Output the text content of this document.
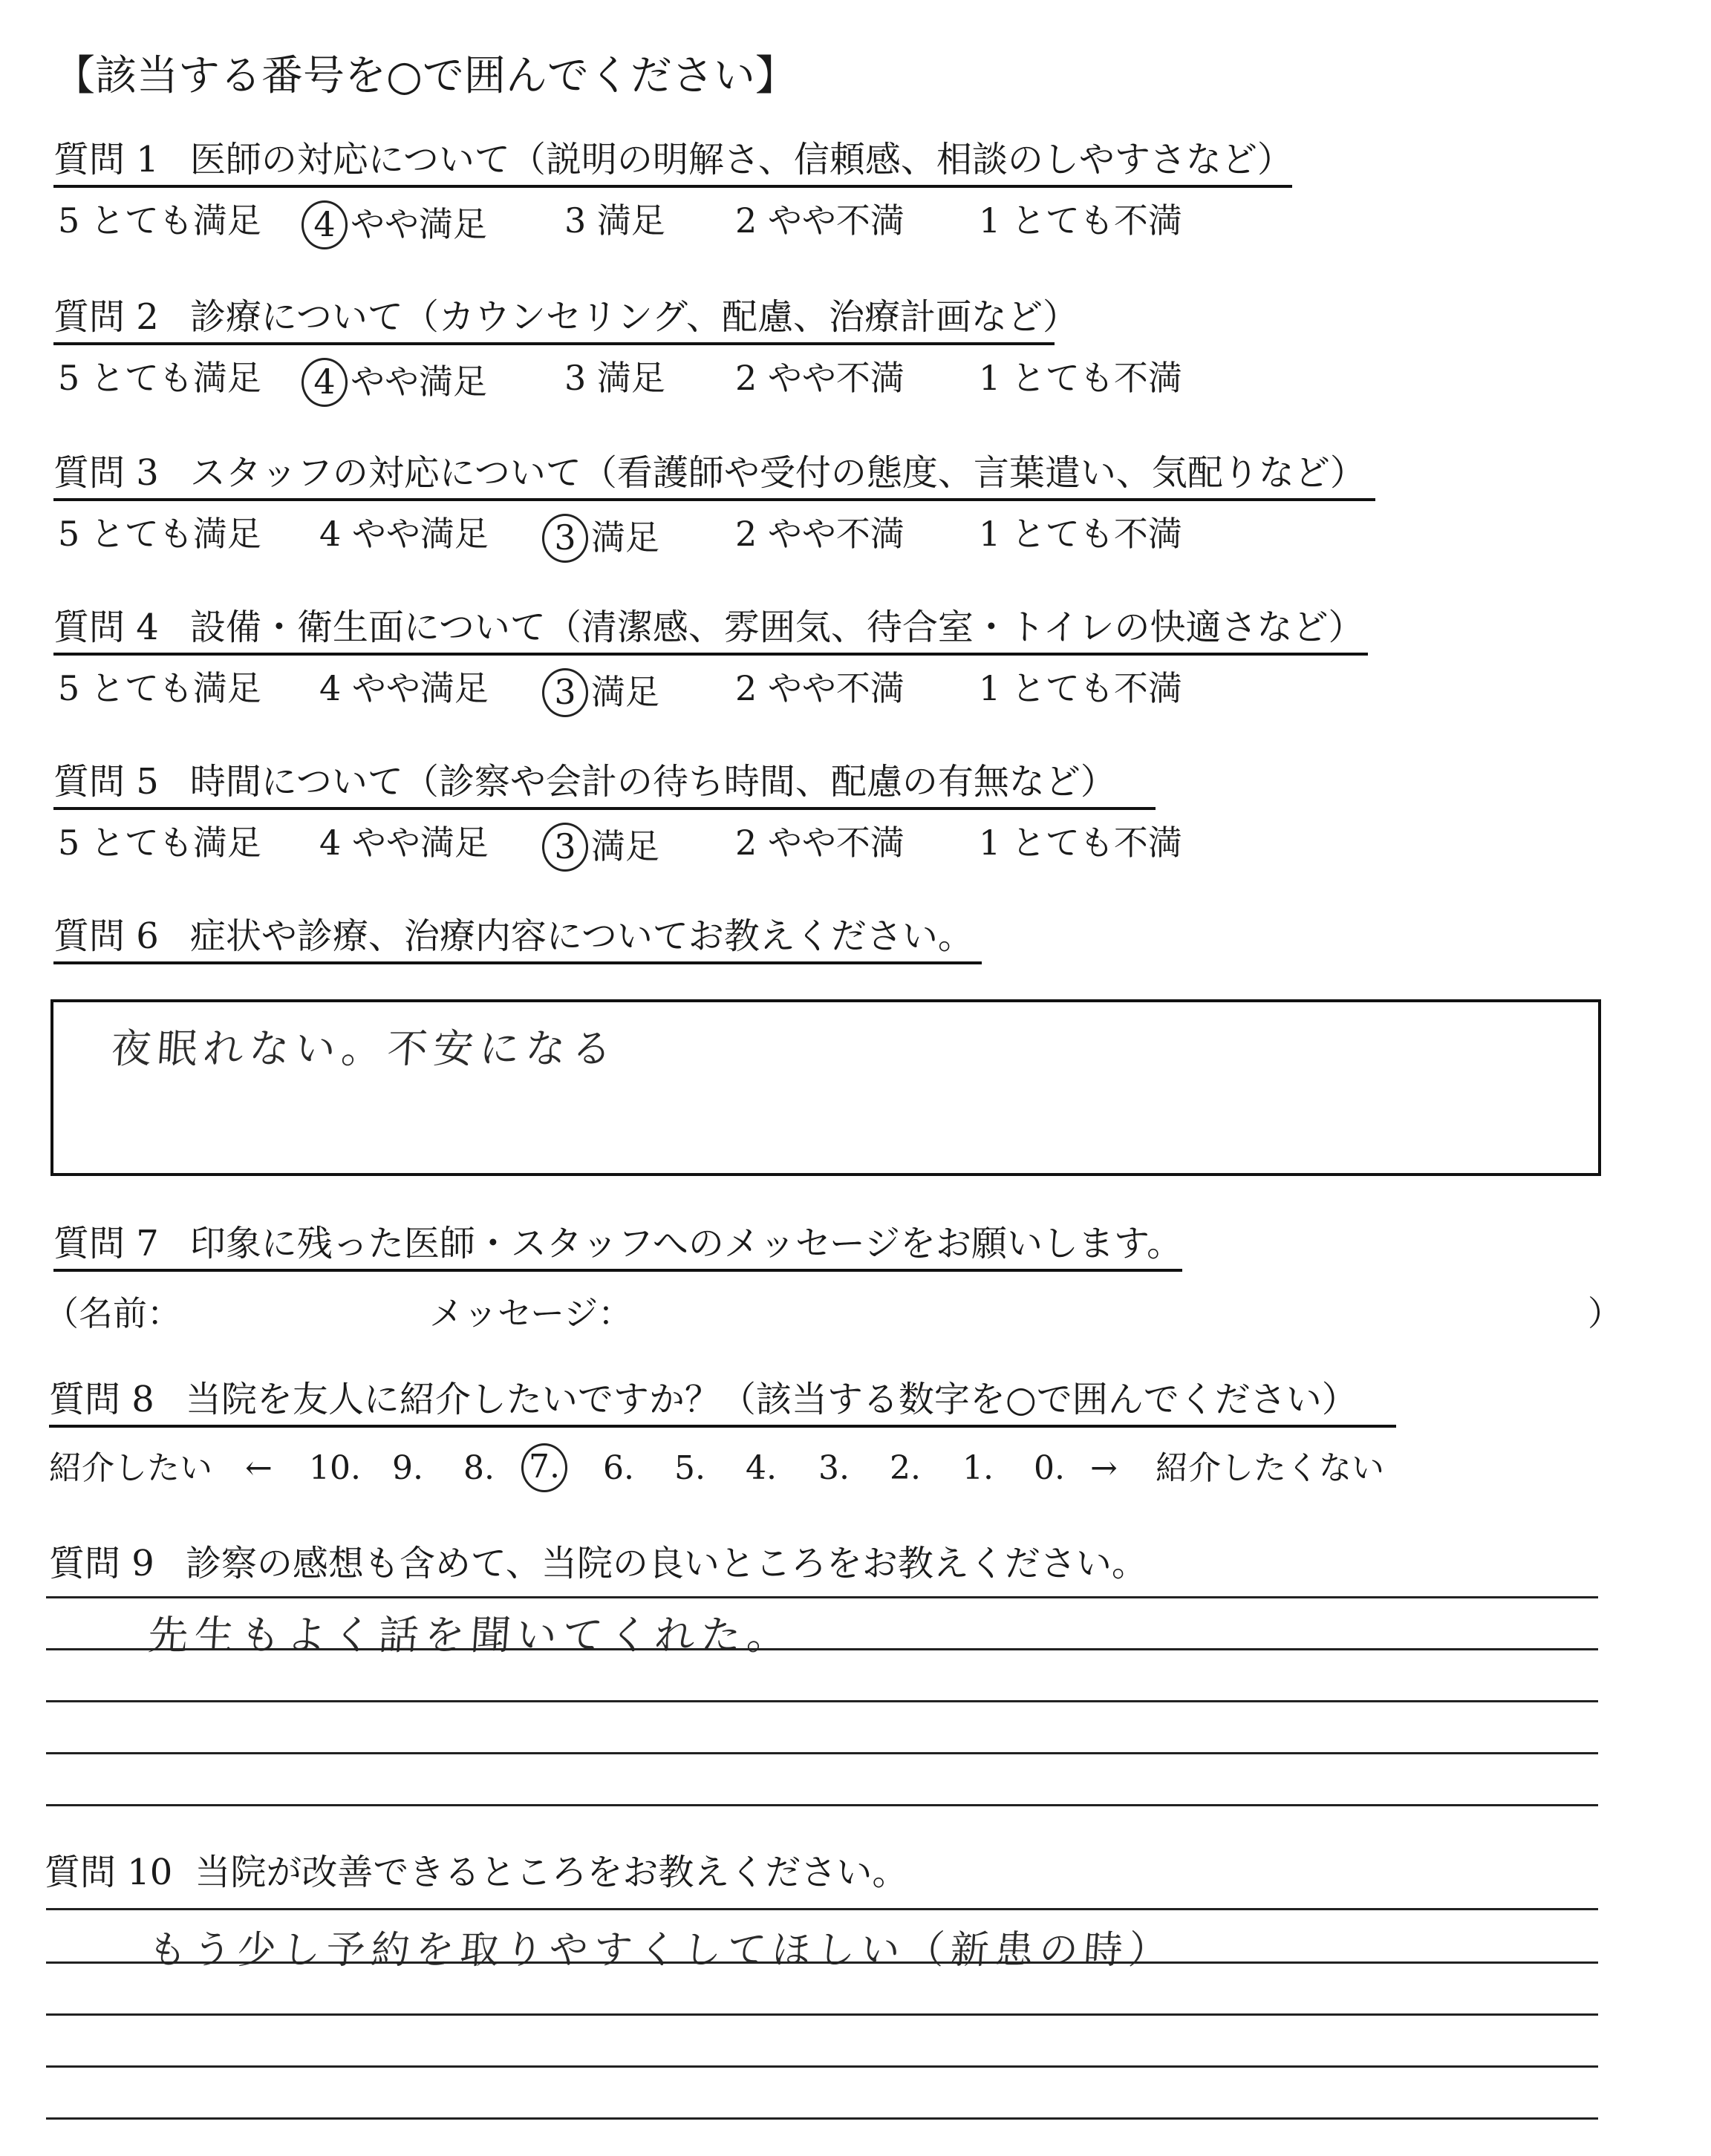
【該当する番号を○で囲んでください】
質問 1 医師の対応について（説明の明解さ、信頼感、相談のしやすさなど）
5 とても満足 4 やや満足 3 満足 2 やや不満 1 とても不満
質問 2 診療について（カウンセリング、配慮、治療計画など）
5 とても満足 4 やや満足 3 満足 2 やや不満 1 とても不満
質問 3 スタッフの対応について（看護師や受付の態度、言葉遣い、気配りなど）
5 とても満足 4 やや満足 3 満足 2 やや不満 1 とても不満
質問 4 設備・衛生面について（清潔感、雰囲気、待合室・トイレの快適さなど）
5 とても満足 4 やや満足 3 満足 2 やや不満 1 とても不満
質問 5 時間について（診察や会計の待ち時間、配慮の有無など）
5 とても満足 4 やや満足 3 満足 2 やや不満 1 とても不満
質問 6 症状や診療、治療内容についてお教えください。
夜眠れない。不安になる
質問 7 印象に残った医師・スタッフへのメッセージをお願いします。
（名前：	メッセージ：	）
質問 8 当院を友人に紹介したいですか？（該当する数字を○で囲んでください）
紹介したい ← 10. 9. 8. 7.	6. 5. 4. 3. 2. 1. 0. → 紹介したくない
質問 9 診察の感想も含めて、当院の良いところをお教えください。
先生もよく話を聞いてくれた。
質問 10 当院が改善できるところをお教えください。
もう少し予約を取りやすくしてほしい（新患の時）
